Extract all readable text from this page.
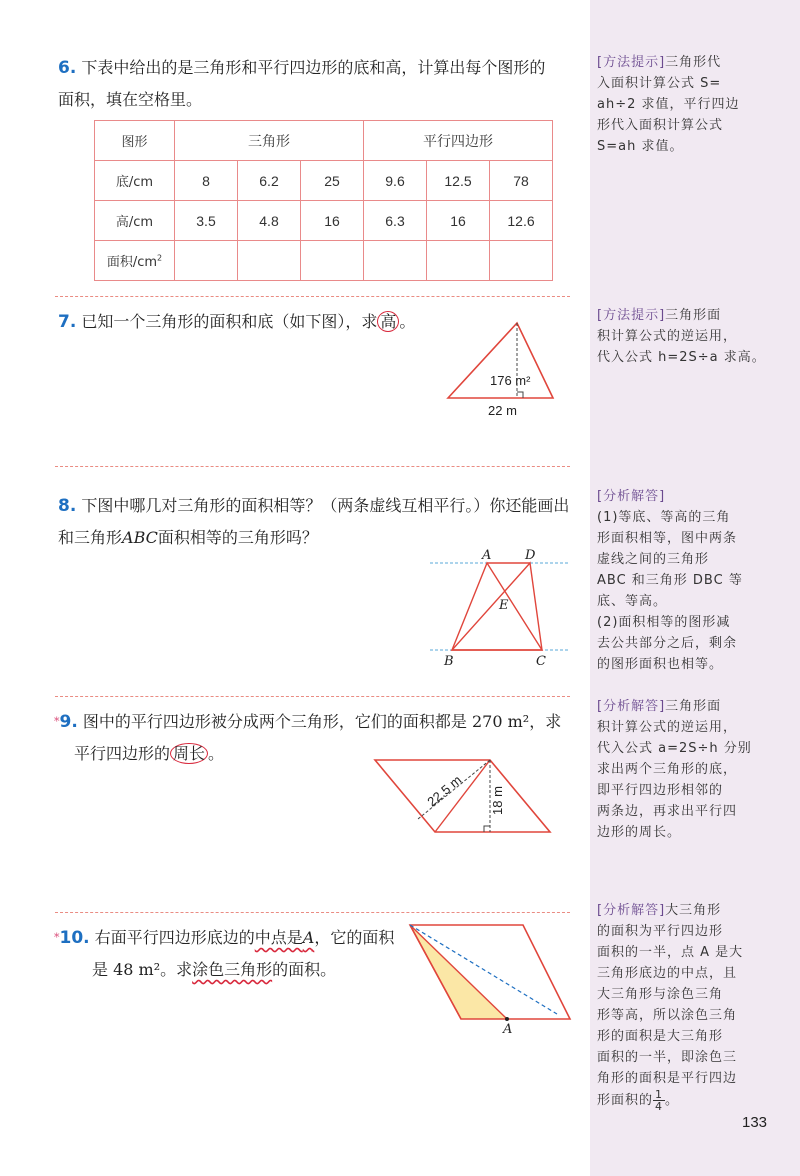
6. 下表中给出的是三角形和平行四边形的底和高，计算出每个图形的
面积，填在空格里。
图形	三角形			平行四边形		
底/cm	8	6.2	25	9.6	12.5	78
高/cm	3.5	4.8	16	6.3	16	12.6
面积$/cm^2$						
7. 已知一个三角形的面积和底（如下图），求 高 。
176 m²
22 m
8. 下图中哪几对三角形的面积相等？（两条虚线互相平行。）你还能画出
和三角形ABC面积相等的三角形吗？
A	D
E
B	C
*9. 图中的平行四边形被分成两个三角形，它们的面积都是 270 m²，求
平行四边形的 周长 。
22.5 m 18 m
*10. 右面平行四边形底边的中点是A，它的面积
是 48 m²。求涂色三角形的面积。
A
[方法提示]三角形代
入面积计算公式 S=
ah÷2 求值，平行四边
形代入面积计算公式
S=ah 求值。
[方法提示]三角形面
积计算公式的逆运用，
代入公式 h=2S÷a 求高。
[分析解答]
(1)等底、等高的三角
形面积相等，图中两条
虚线之间的三角形
ABC 和三角形 DBC 等
底、等高。
(2)面积相等的图形减
去公共部分之后，剩余
的图形面积也相等。
[分析解答]三角形面
积计算公式的逆运用，
代入公式 a=2S÷h 分别
求出两个三角形的底，
即平行四边形相邻的
两条边，再求出平行四
边形的周长。
[分析解答]大三角形
的面积为平行四边形
面积的一半，点 A 是大
三角形底边的中点，且
大三角形与涂色三角
形等高，所以涂色三角
形的面积是大三角形
面积的一半，即涂色三
角形的面积是平行四边
形面积的 $\frac{1}{4}$ 。
133
